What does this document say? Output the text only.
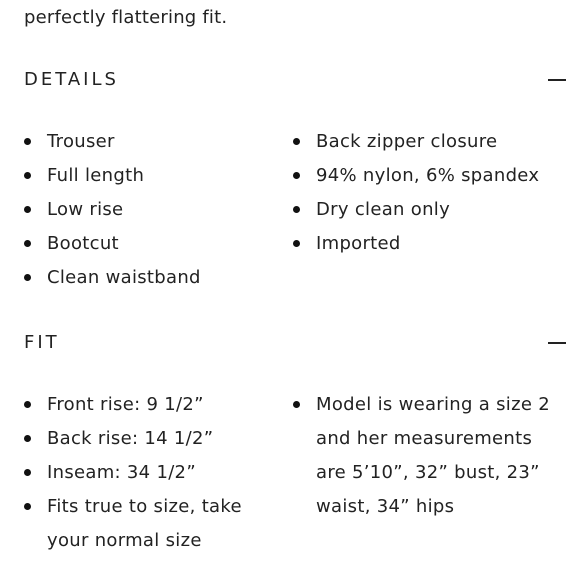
perfectly flattering fit.
DETAILS
Trouser
Full length
Low rise
Bootcut
Clean waistband
Back zipper closure
94% nylon, 6% spandex
Dry clean only
Imported
FIT
Front rise: 9 1/2”
Back rise: 14 1/2”
Inseam: 34 1/2”
Fits true to size, take your normal size
Model is wearing a size 2 and her measurements are 5’10”, 32” bust, 23” waist, 34” hips
